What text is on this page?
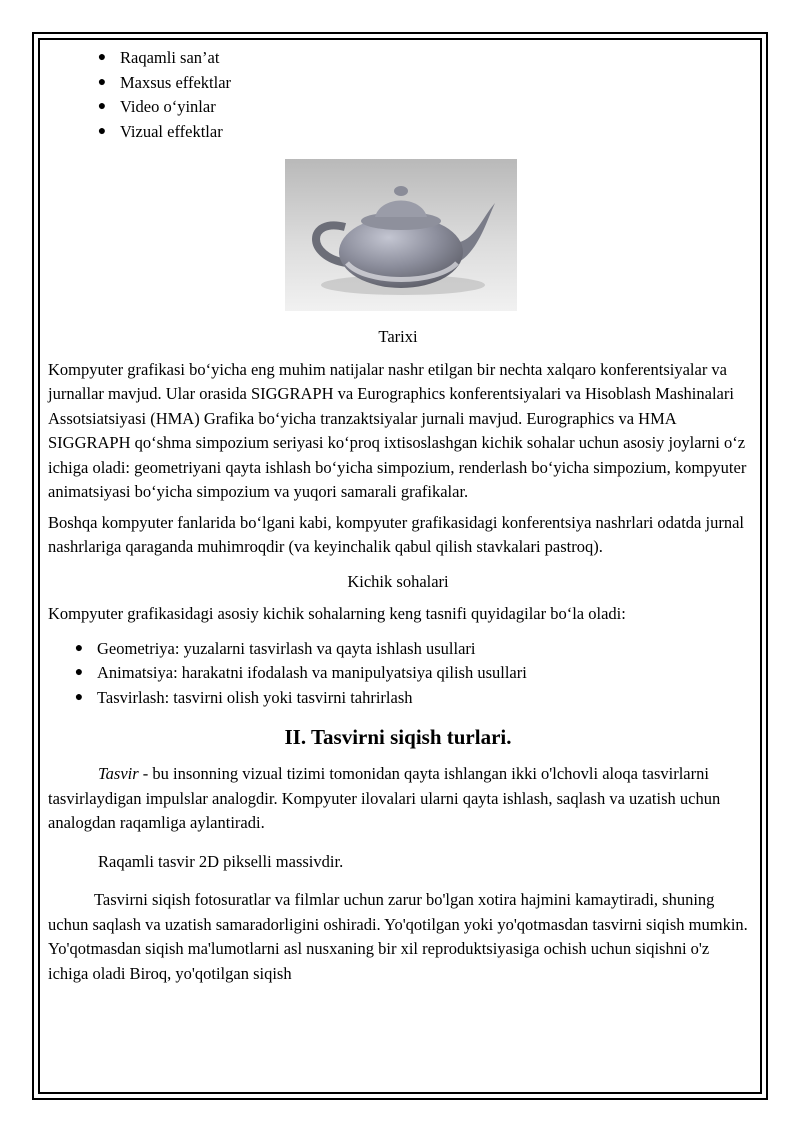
● Raqamli san’at
● Maxsus effektlar
● Video o‘yinlar
● Vizual effektlar

Tarixi

Kompyuter grafikasi bo‘yicha eng muhim natijalar nashr etilgan bir nechta xalqaro konferentsiyalar va jurnallar mavjud. Ular orasida SIGGRAPH va Eurographics konferentsiyalari va Hisoblash Mashinalari Assotsiatsiyasi (HMA) Grafika bo‘yicha tranzaktsiyalar jurnali mavjud. Eurographics va HMA SIGGRAPH qo‘shma simpozium seriyasi ko‘proq ixtisoslashgan kichik sohalar uchun asosiy joylarni o‘z ichiga oladi: geometriyani qayta ishlash bo‘yicha simpozium, renderlash bo‘yicha simpozium, kompyuter animatsiyasi bo‘yicha simpozium va yuqori samarali grafikalar.

Boshqa kompyuter fanlarida bo‘lgani kabi, kompyuter grafikasidagi konferentsiya nashrlari odatda jurnal nashrlariga qaraganda muhimroqdir (va keyinchalik qabul qilish stavkalari pastroq).

Kichik sohalari

Kompyuter grafikasidagi asosiy kichik sohalarning keng tasnifi quyidagilar bo‘la oladi:

● Geometriya: yuzalarni tasvirlash va qayta ishlash usullari
● Animatsiya: harakatni ifodalash va manipulyatsiya qilish usullari
● Tasvirlash: tasvirni olish yoki tasvirni tahrirlash

II. Tasvirni siqish turlari.

Tasvir - bu insonning vizual tizimi tomonidan qayta ishlangan ikki o'lchovli aloqa tasvirlarni tasvirlaydigan impulslar analogdir. Kompyuter ilovalari ularni qayta ishlash, saqlash va uzatish uchun analogdan raqamliga aylantiradi.

Raqamli tasvir 2D pikselli massivdir.

Tasvirni siqish fotosuratlar va filmlar uchun zarur bo'lgan xotira hajmini kamaytiradi, shuning uchun saqlash va uzatish samaradorligini oshiradi. Yo'qotilgan yoki yo'qotmasdan tasvirni siqish mumkin. Yo'qotmasdan siqish ma'lumotlarni asl nusxaning bir xil reproduktsiyasiga ochish uchun siqishni o'z ichiga oladi Biroq, yo'qotilgan siqish
